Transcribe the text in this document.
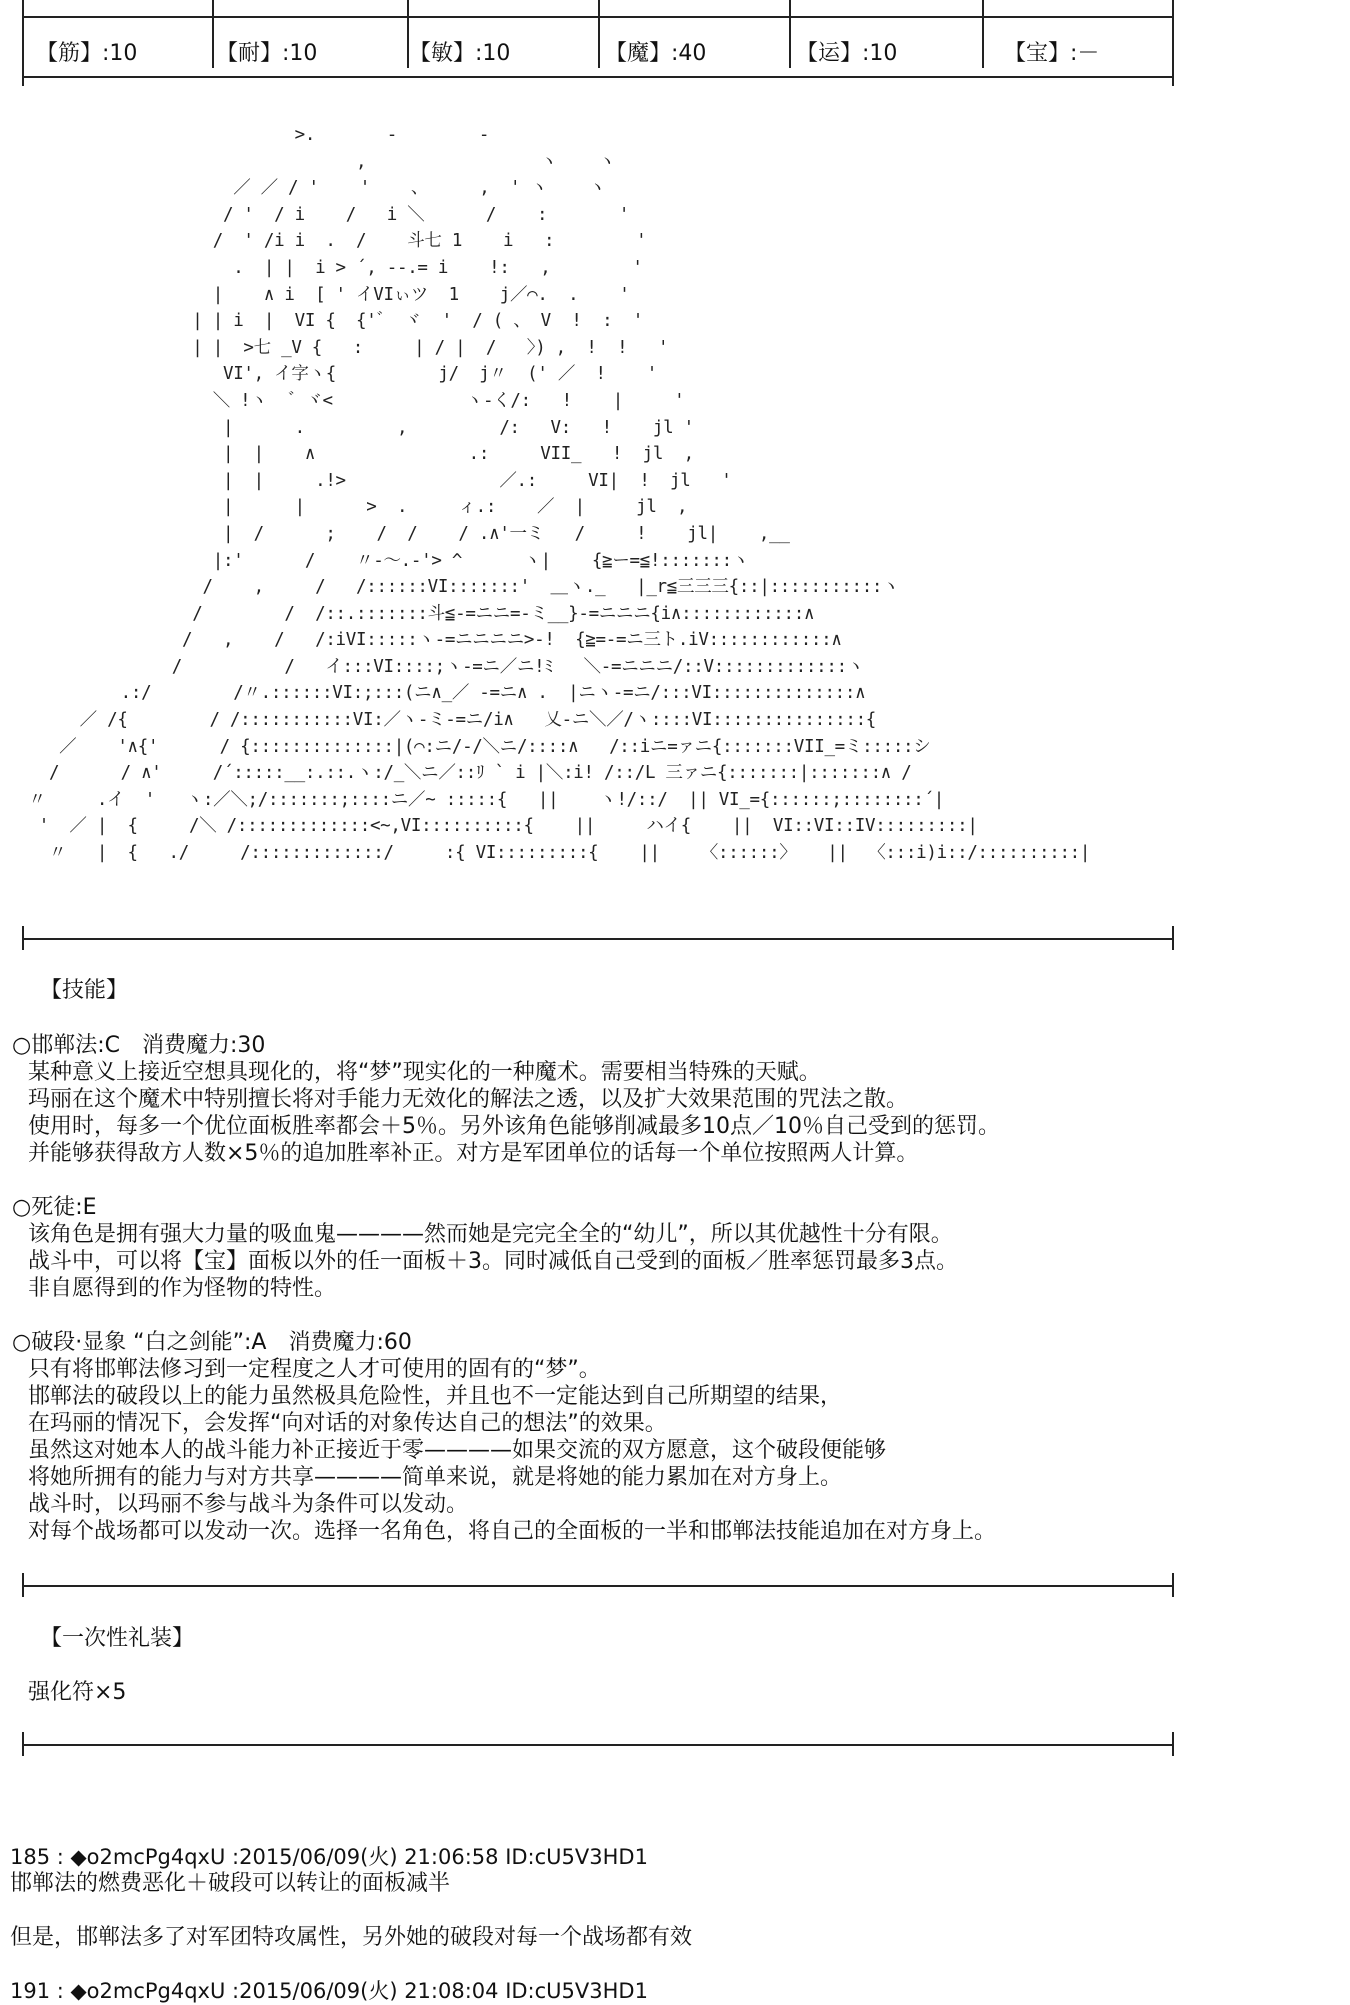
【筋】:10	【耐】:10	【敏】:10	【魔】:40	【运】:10	【宝】:－
>.       -        -
,                 ヽ    ヽ
／ ／ / '    '    、     ,  ' ヽ    ヽ
/ '  / i    /   i ＼      /    :       '
/  ' /i i  .  /    斗七 1    i   :        '
.  | |  i > ´, --.= i    !:   ,        '
|    ∧ i  [ ' イVIぃツ  1    j／⌒.  .    '
| | i  |  VI {  {'゛ ヾ  '  / ( 、 V  !  :  '
| |  >七 _V {   :     | / |  /   〉) ,  !  !   '
VI', イ字ヽ{          j/  j〃  (' ／  !    '
＼ !ヽ  ゛ヾ<             ヽ-く/:   !    |     '
|      .         ,         /:   V:   !    jl '
|  |    ∧               .:     VII_   !  jl  ,
|  |     .!>               ／.:     VI|  !  jl   '
|      |      >  .     ィ.:    ／  |     jl  ,
|  /      ;    /  /    / .∧'一ミ   /     !    jl|    ,__
|:'      /    〃-～.‐'> ^      ヽ|    {≧ー=≦!:::::::ヽ
/    ,     /   /::::::VI:::::::'  ＿ヽ._   |_r≦三三三{::|:::::::::::ヽ
/        /  /::.:::::::斗≦-=ニニ=-ミ__}-=ニニニ{i∧::::::::::::∧
/   ,    /   /:iVI:::::ヽ-=ニニニニ>-!  {≧=-=ニ三ト.iV::::::::::::∧
/          /   イ:::VI::::;ヽ-=ニ／ニ!ﾐ   ＼-=ニニニ/::V:::::::::::::ヽ
.:/        /〃.::::::VI:;:::(ニ∧_／ -=ニ∧ .  |ニヽ-=ニ/:::VI::::::::::::::∧
／ /{        / /:::::::::::VI:／ヽ-ミ-=ニ/i∧   乂-ニ＼／/ヽ::::VI:::::::::::::::{
／    '∧{'      / {::::::::::::::|(⌒:ニ/-/＼ニ/::::∧   /::iニ=ァニ{:::::::VII_=ミ:::::シ
/      / ∧'     /´:::::__:.::.ヽ:/_＼ニ／::ﾘ ` i |＼:i! /::/L 三ァニ{:::::::|:::::::∧ /
〃     .イ  '   ヽ:／＼;/:::::::;::::ニ／~ :::::{   ||    ヽ!/::/  || VI_={::::::;::::::::´|
'  ／ |  {     /＼ /:::::::::::::<~,VI::::::::::{    ||     ハイ{    ||  VI::VI::IV:::::::::|
〃   |  {   ./     /:::::::::::::/     :{ VI:::::::::{    ||    〈::::::〉   ||  〈:::i)i::/::::::::::|
【技能】
○邯郸法:C　消费魔力:30
某种意义上接近空想具现化的，将“梦”现实化的一种魔术。需要相当特殊的天赋。
玛丽在这个魔术中特别擅长将对手能力无效化的解法之透，以及扩大效果范围的咒法之散。
使用时，每多一个优位面板胜率都会＋5％。另外该角色能够削减最多10点／10％自己受到的惩罚。
并能够获得敌方人数×5％的追加胜率补正。对方是军团单位的话每一个单位按照两人计算。
○死徒:E
该角色是拥有强大力量的吸血鬼————然而她是完完全全的“幼儿”，所以其优越性十分有限。
战斗中，可以将【宝】面板以外的任一面板＋3。同时减低自己受到的面板／胜率惩罚最多3点。
非自愿得到的作为怪物的特性。
○破段·显象 “白之剑能”:A　消费魔力:60
只有将邯郸法修习到一定程度之人才可使用的固有的“梦”。
邯郸法的破段以上的能力虽然极具危险性，并且也不一定能达到自己所期望的结果，
在玛丽的情况下，会发挥“向对话的对象传达自己的想法”的效果。
虽然这对她本人的战斗能力补正接近于零————如果交流的双方愿意，这个破段便能够
将她所拥有的能力与对方共享————简单来说，就是将她的能力累加在对方身上。
战斗时，以玛丽不参与战斗为条件可以发动。
对每个战场都可以发动一次。选择一名角色，将自己的全面板的一半和邯郸法技能追加在对方身上。
【一次性礼装】
强化符×5
185 : ◆o2mcPg4qxU :2015/06/09(火) 21:06:58 ID:cU5V3HD1
邯郸法的燃费恶化＋破段可以转让的面板减半
但是，邯郸法多了对军团特攻属性，另外她的破段对每一个战场都有效
191 : ◆o2mcPg4qxU :2015/06/09(火) 21:08:04 ID:cU5V3HD1
